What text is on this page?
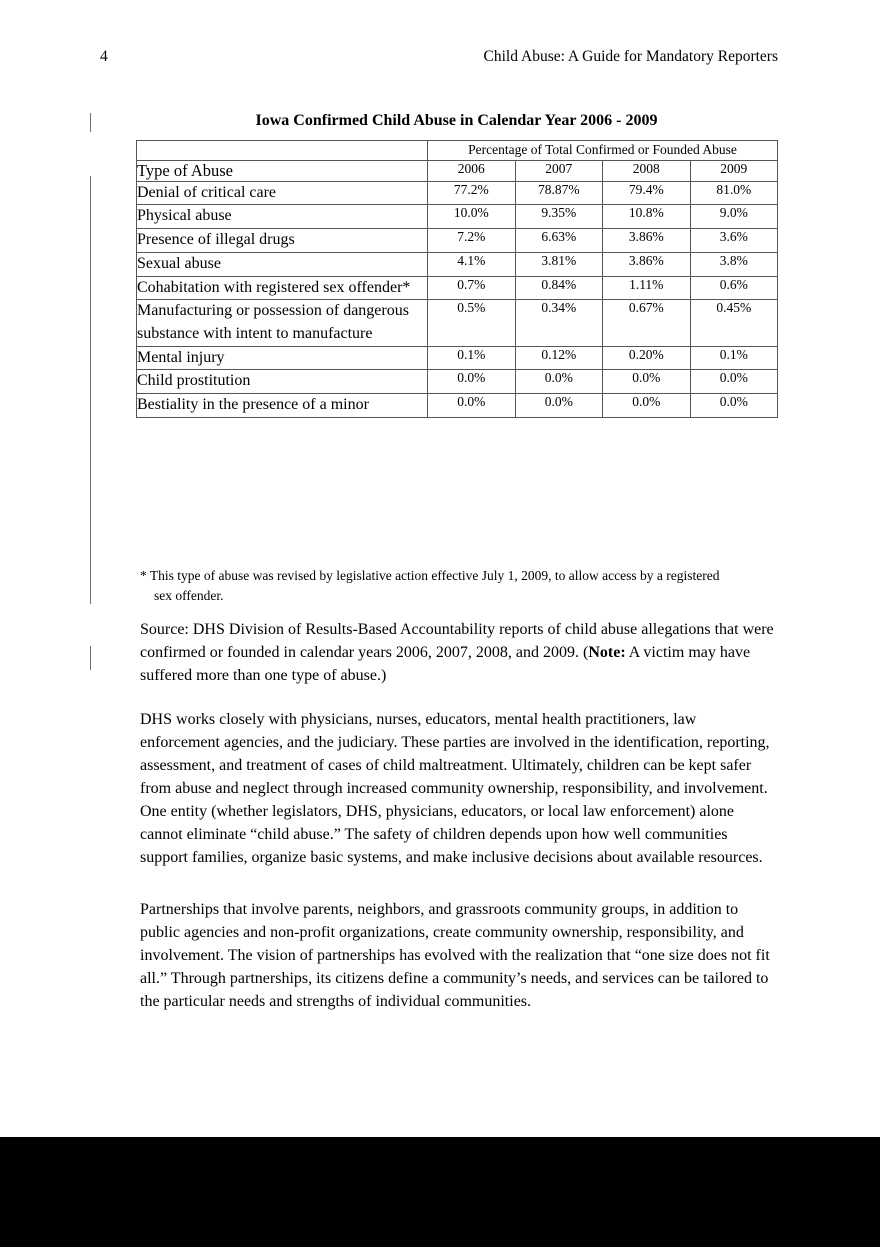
4	Child Abuse: A Guide for Mandatory Reporters
Iowa Confirmed Child Abuse in Calendar Year 2006 - 2009
	Percentage of Total Confirmed or Founded Abuse			
Type of Abuse	2006	2007	2008	2009
Denial of critical care	77.2%	78.87%	79.4%	81.0%
Physical abuse	10.0%	9.35%	10.8%	9.0%
Presence of illegal drugs	7.2%	6.63%	3.86%	3.6%
Sexual abuse	4.1%	3.81%	3.86%	3.8%
Cohabitation with registered sex offender*	0.7%	0.84%	1.11%	0.6%
Manufacturing or possession of dangerous substance with intent to manufacture	0.5%	0.34%	0.67%	0.45%
Mental injury	0.1%	0.12%	0.20%	0.1%
Child prostitution	0.0%	0.0%	0.0%	0.0%
Bestiality in the presence of a minor	0.0%	0.0%	0.0%	0.0%
* This type of abuse was revised by legislative action effective July 1, 2009, to allow access by a registered
sex offender.
Source: DHS Division of Results-Based Accountability reports of child abuse allegations that were confirmed or founded in calendar years 2006, 2007, 2008, and 2009. (Note: A victim may have suffered more than one type of abuse.)
DHS works closely with physicians, nurses, educators, mental health practitioners, law enforcement agencies, and the judiciary. These parties are involved in the identification, reporting, assessment, and treatment of cases of child maltreatment. Ultimately, children can be kept safer from abuse and neglect through increased community ownership, responsibility, and involvement. One entity (whether legislators, DHS, physicians, educators, or local law enforcement) alone cannot eliminate “child abuse.” The safety of children depends upon how well communities support families, organize basic systems, and make inclusive decisions about available resources.
Partnerships that involve parents, neighbors, and grassroots community groups, in addition to public agencies and non-profit organizations, create community ownership, responsibility, and involvement. The vision of partnerships has evolved with the realization that “one size does not fit all.” Through partnerships, its citizens define a community’s needs, and services can be tailored to the particular needs and strengths of individual communities.
